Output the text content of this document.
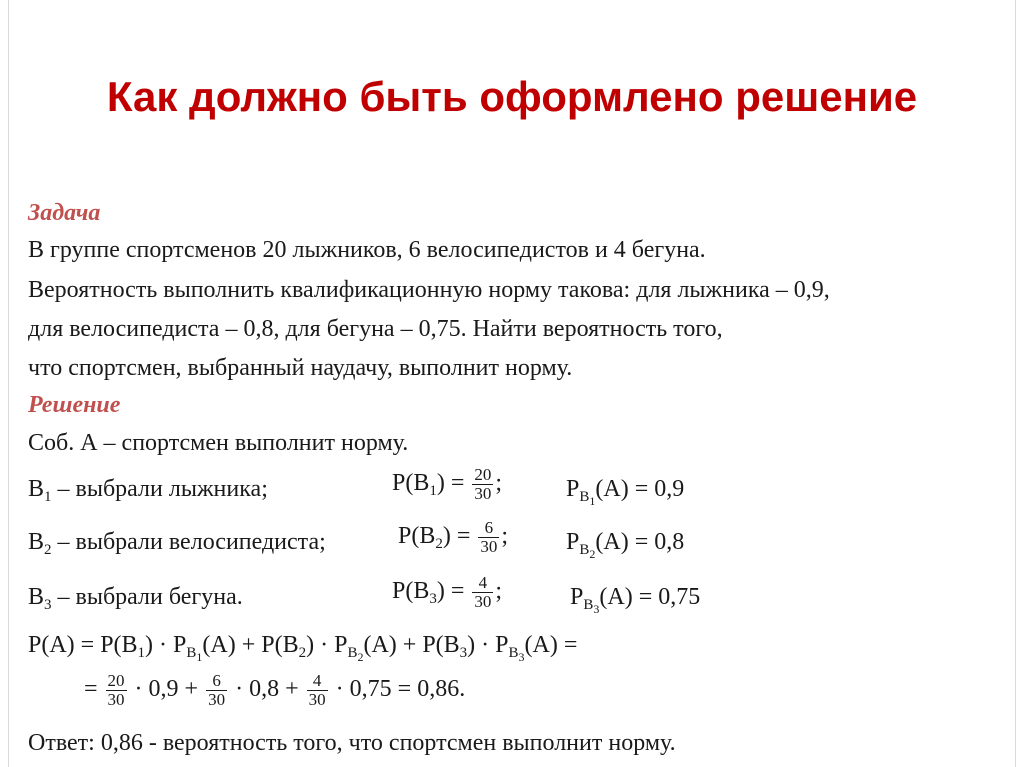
Как должно быть оформлено решение
Задача
В группе спортсменов 20 лыжников, 6 велосипедистов и 4 бегуна.
Вероятность выполнить квалификационную норму такова: для лыжника – 0,9,
для велосипедиста – 0,8, для бегуна – 0,75. Найти вероятность того,
что спортсмен, выбранный наудачу, выполнит норму.
Решение
Соб. А – спортсмен выполнит норму.
$B_1$ – выбрали лыжника;	$P(B_1) = \frac{20}{30}$ ;	$P_{B_1}(A) = 0,9$
$B_2$ – выбрали велосипедиста;	$P(B_2) = \frac{6}{30}$ ; $P_{B_2}(A) = 0,8$
$B_3$ – выбрали бегуна.	$P(B_3) = \frac{4}{30}$ ;	$P_{B_3}(A) = 0,75$
$P(A) = P(B_1) \cdot P_{B_1}(A) + P(B_2) \cdot P_{B_2}(A) + P(B_3) \cdot P_{B_3}(A)$ =
= $\frac{20}{30} \cdot 0,9 + \frac{6}{30} \cdot 0,8 + \frac{4}{30} \cdot 0,75 = 0,86$.
Ответ: 0,86 - вероятность того, что спортсмен выполнит норму.
